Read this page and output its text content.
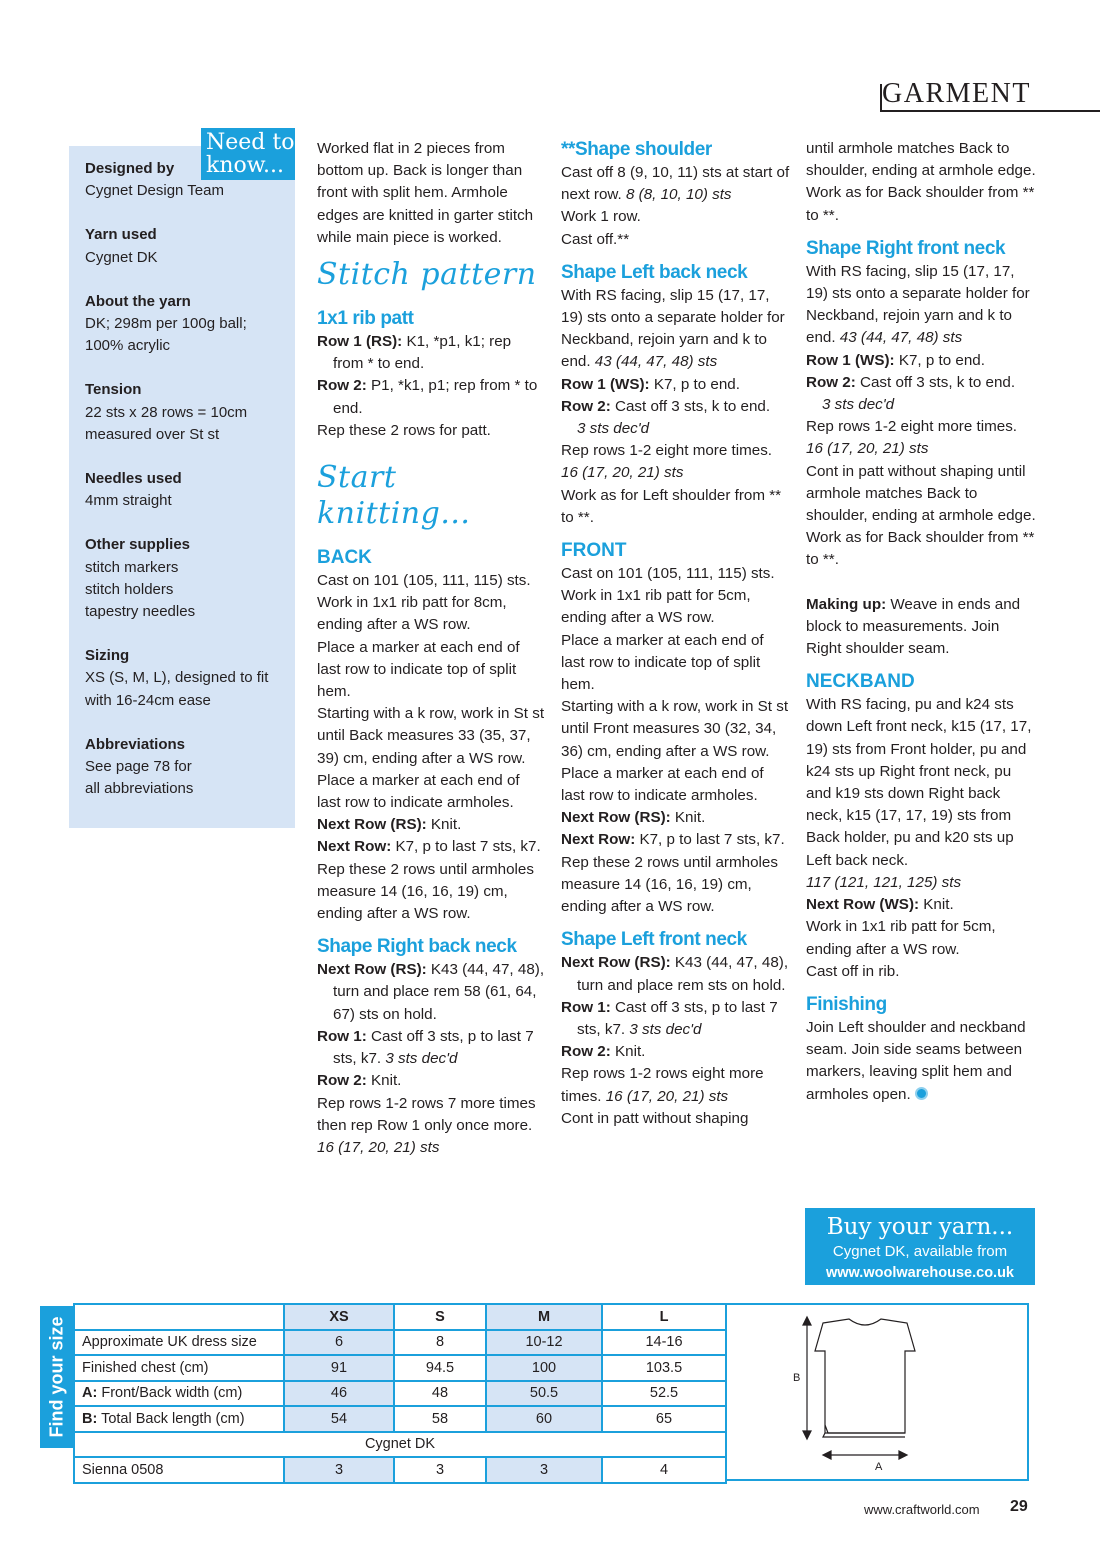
GARMENT
Designed by
Cygnet Design Team
Yarn used
Cygnet DK
About the yarn
DK; 298m per 100g ball;
100% acrylic
Tension
22 sts x 28 rows = 10cm
measured over St st
Needles used
4mm straight
Other supplies
stitch markers
stitch holders
tapestry needles
Sizing
XS (S, M, L), designed to fit
with 16-24cm ease
Abbreviations
See page 78 for
all abbreviations
Need to know...

Worked flat in 2 pieces from bottom up. Back is longer than front with split hem. Armhole edges are knitted in garter stitch while main piece is worked.

Stitch pattern

1x1 rib patt

Row 1 (RS): K1, *p1, k1; rep from * to end.

Row 2: P1, *k1, p1; rep from * to end.

Rep these 2 rows for patt.

Start knitting...

BACK

Cast on 101 (105, 111, 115) sts.

Work in 1x1 rib patt for 8cm, ending after a WS row.

Place a marker at each end of last row to indicate top of split hem.

Starting with a k row, work in St st until Back measures 33 (35, 37, 39) cm, ending after a WS row.

Place a marker at each end of last row to indicate armholes.

Next Row (RS): Knit.

Next Row: K7, p to last 7 sts, k7.

Rep these 2 rows until armholes measure 14 (16, 16, 19) cm, ending after a WS row.

Shape Right back neck

Next Row (RS): K43 (44, 47, 48), turn and place rem 58 (61, 64, 67) sts on hold.

Row 1: Cast off 3 sts, p to last 7 sts, k7. 3 sts dec'd

Row 2: Knit.

Rep rows 1-2 rows 7 more times then rep Row 1 only once more. 16 (17, 20, 21) sts

**Shape shoulder

Cast off 8 (9, 10, 11) sts at start of next row. 8 (8, 10, 10) sts

Work 1 row.

Cast off.**

Shape Left back neck

With RS facing, slip 15 (17, 17, 19) sts onto a separate holder for Neckband, rejoin yarn and k to end. 43 (44, 47, 48) sts

Row 1 (WS): K7, p to end.

Row 2: Cast off 3 sts, k to end.

3 sts dec'd

Rep rows 1-2 eight more times.

16 (17, 20, 21) sts

Work as for Left shoulder from ** to **.

FRONT

Cast on 101 (105, 111, 115) sts.

Work in 1x1 rib patt for 5cm, ending after a WS row.

Place a marker at each end of last row to indicate top of split hem.

Starting with a k row, work in St st until Front measures 30 (32, 34, 36) cm, ending after a WS row.

Place a marker at each end of last row to indicate armholes.

Next Row (RS): Knit.

Next Row: K7, p to last 7 sts, k7.

Rep these 2 rows until armholes measure 14 (16, 16, 19) cm, ending after a WS row.

Shape Left front neck

Next Row (RS): K43 (44, 47, 48), turn and place rem sts on hold.

Row 1: Cast off 3 sts, p to last 7 sts, k7. 3 sts dec'd

Row 2: Knit.

Rep rows 1-2 rows eight more times. 16 (17, 20, 21) sts

Cont in patt without shaping

until armhole matches Back to shoulder, ending at armhole edge.

Work as for Back shoulder from ** to **.

Shape Right front neck

With RS facing, slip 15 (17, 17, 19) sts onto a separate holder for Neckband, rejoin yarn and k to end. 43 (44, 47, 48) sts

Row 1 (WS): K7, p to end.

Row 2: Cast off 3 sts, k to end.

3 sts dec'd

Rep rows 1-2 eight more times.

16 (17, 20, 21) sts

Cont in patt without shaping until armhole matches Back to shoulder, ending at armhole edge.

Work as for Back shoulder from ** to **.

Making up: Weave in ends and block to measurements. Join Right shoulder seam.

NECKBAND

With RS facing, pu and k24 sts down Left front neck, k15 (17, 17, 19) sts from Front holder, pu and k24 sts up Right front neck, pu and k19 sts down Right back neck, k15 (17, 17, 19) sts from Back holder, pu and k20 sts up Left back neck.

117 (121, 121, 125) sts

Next Row (WS): Knit.

Work in 1x1 rib patt for 5cm, ending after a WS row.

Cast off in rib.

Finishing

Join Left shoulder and neckband seam. Join side seams between markers, leaving split hem and armholes open.

Buy your yarn...
Cygnet DK, available from
www.woolwarehouse.co.uk
Find your size
		XS	S	M	L
Approximate UK dress size	6	8	10-12	14-16
Finished chest (cm)	91	94.5	100	103.5
A: Front/Back width (cm)	46	48	50.5	52.5
B: Total Back length (cm)	54	58	60	65
Cygnet DK				
Sienna 0508	3	3	3	4
B
A
www.craftworld.com 29
